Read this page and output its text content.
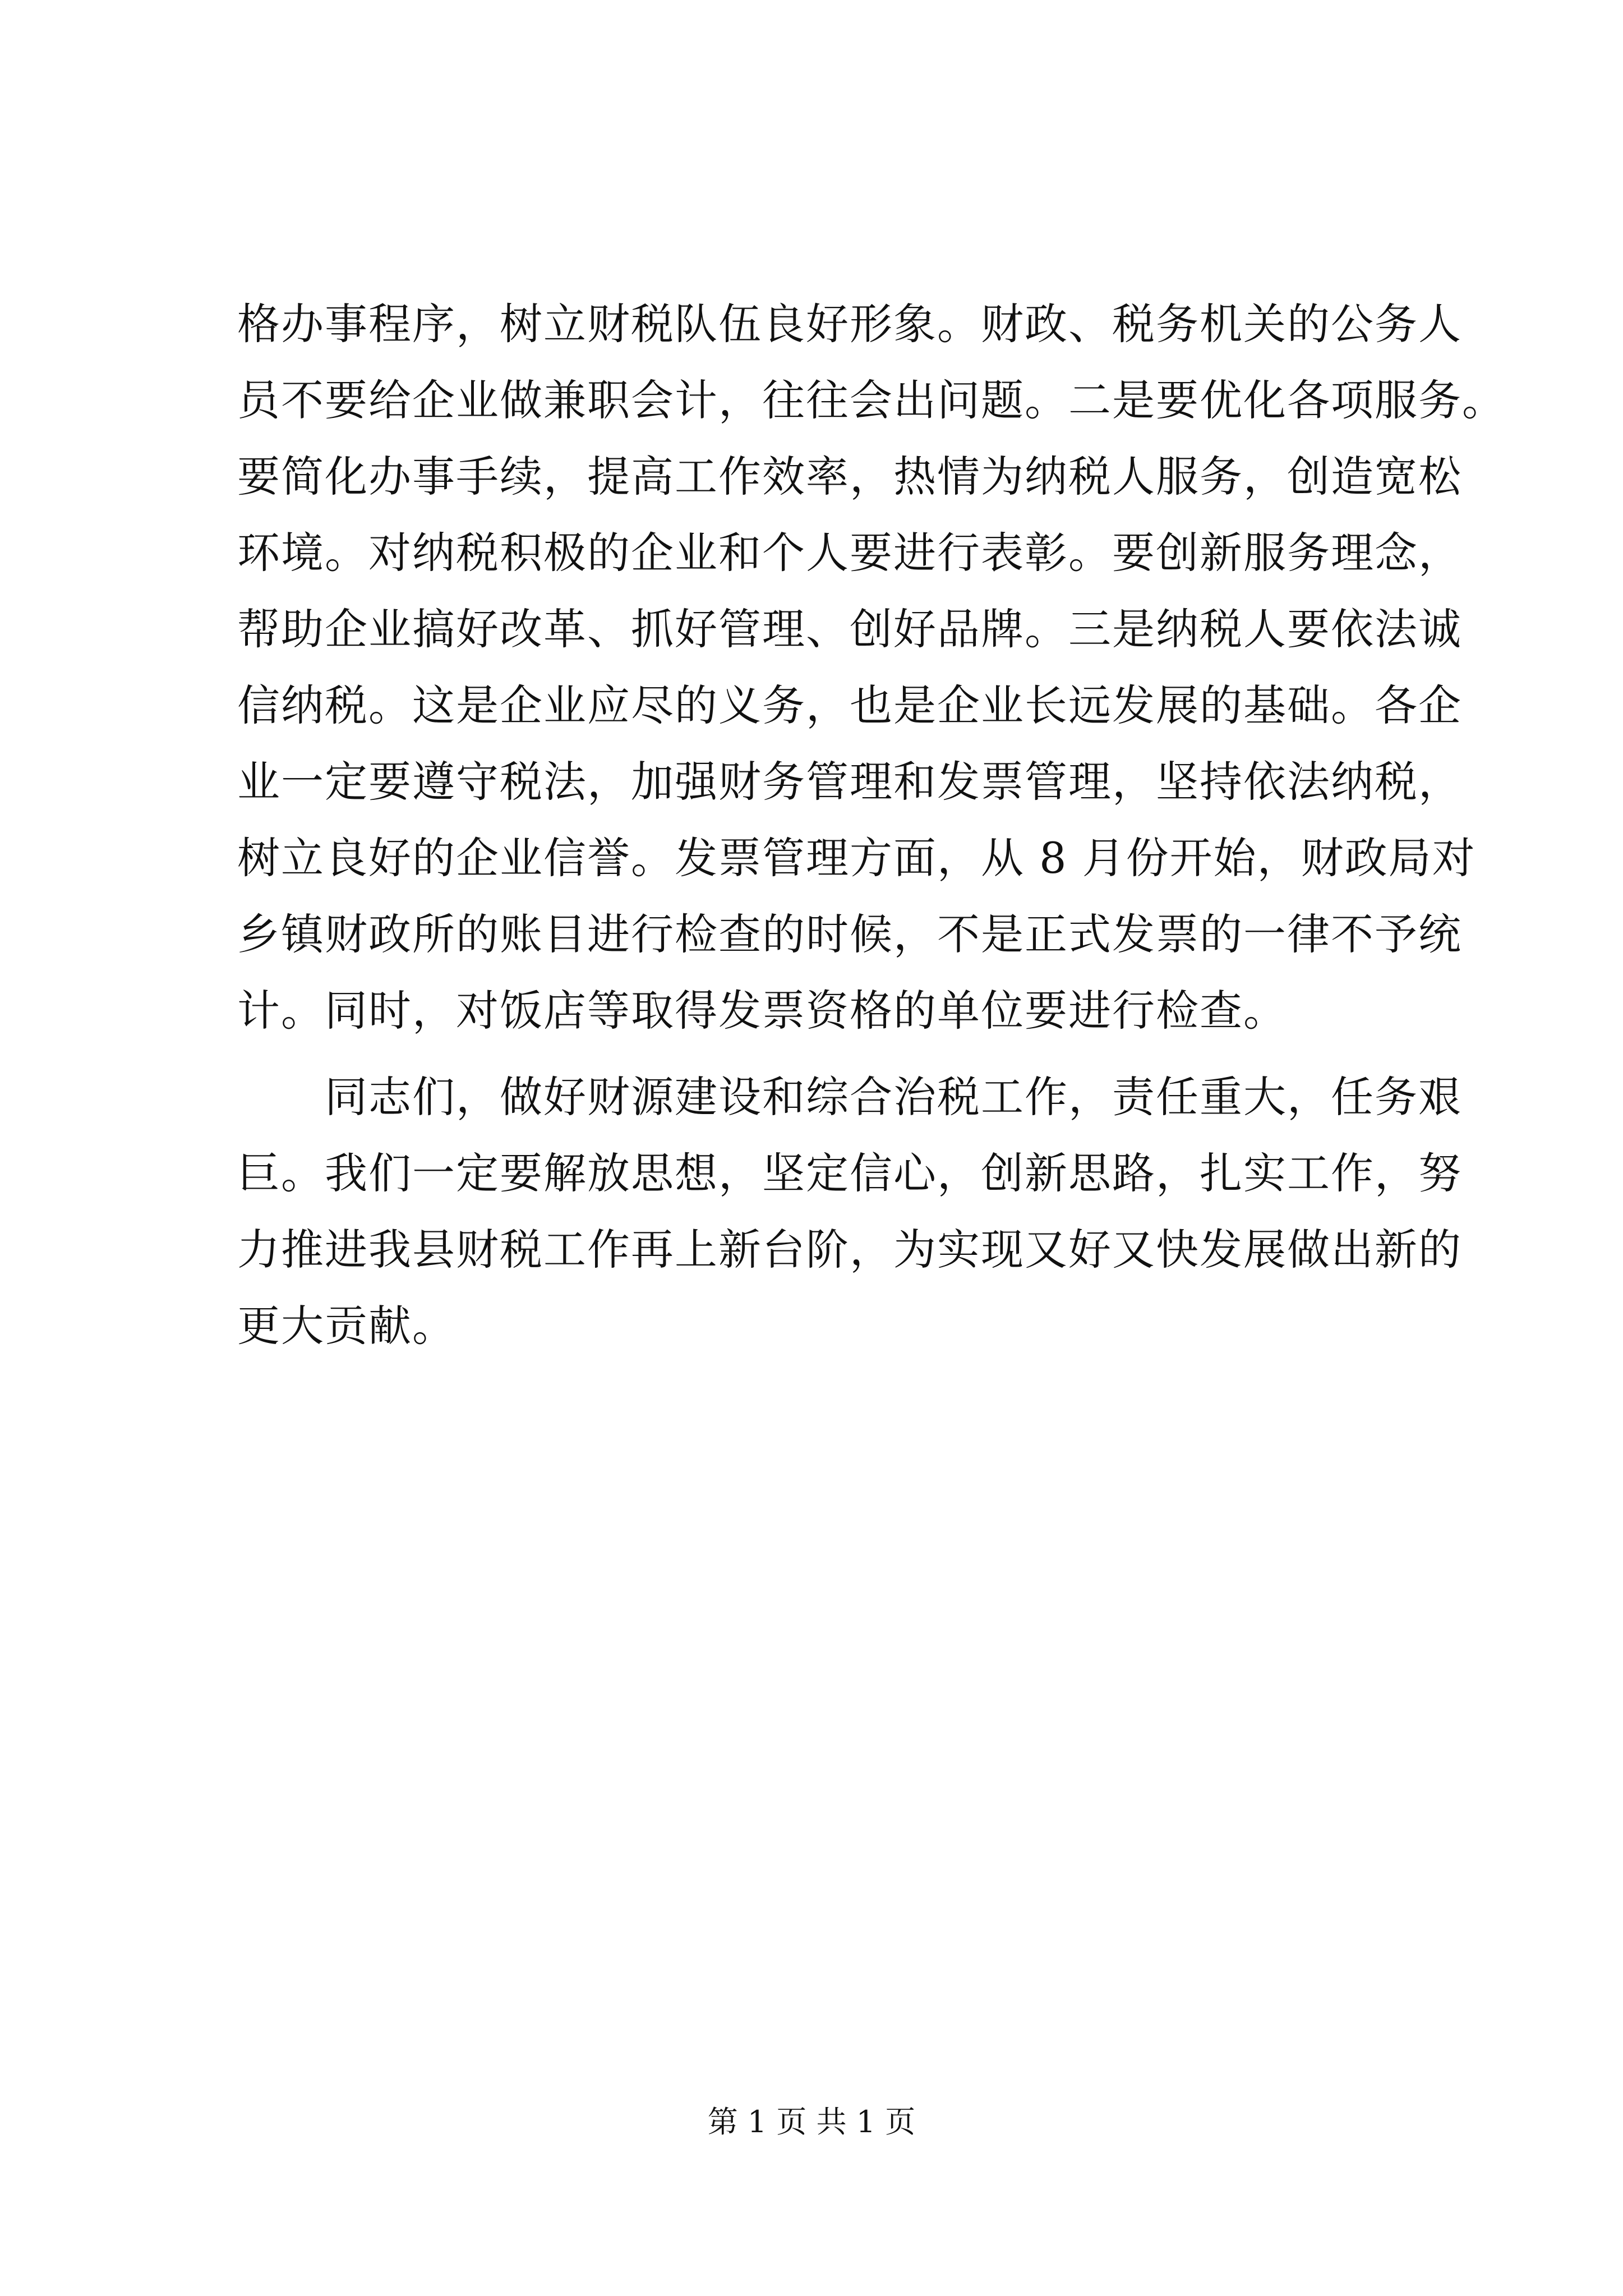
格办事程序，树立财税队伍良好形象。财政、税务机关的公务人
员不要给企业做兼职会计，往往会出问题。二是要优化各项服务。
要简化办事手续，提高工作效率，热情为纳税人服务，创造宽松
环境。对纳税积极的企业和个人要进行表彰。要创新服务理念，
帮助企业搞好改革、抓好管理、创好品牌。三是纳税人要依法诚
信纳税。这是企业应尽的义务，也是企业长远发展的基础。各企
业一定要遵守税法，加强财务管理和发票管理，坚持依法纳税，
树立良好的企业信誉。发票管理方面，从 8 月份开始，财政局对
乡镇财政所的账目进行检查的时候，不是正式发票的一律不予统
计。同时，对饭店等取得发票资格的单位要进行检查。
　　同志们，做好财源建设和综合治税工作，责任重大，任务艰
巨。我们一定要解放思想，坚定信心，创新思路，扎实工作，努
力推进我县财税工作再上新台阶，为实现又好又快发展做出新的
更大贡献。
第 1 页 共 1 页
